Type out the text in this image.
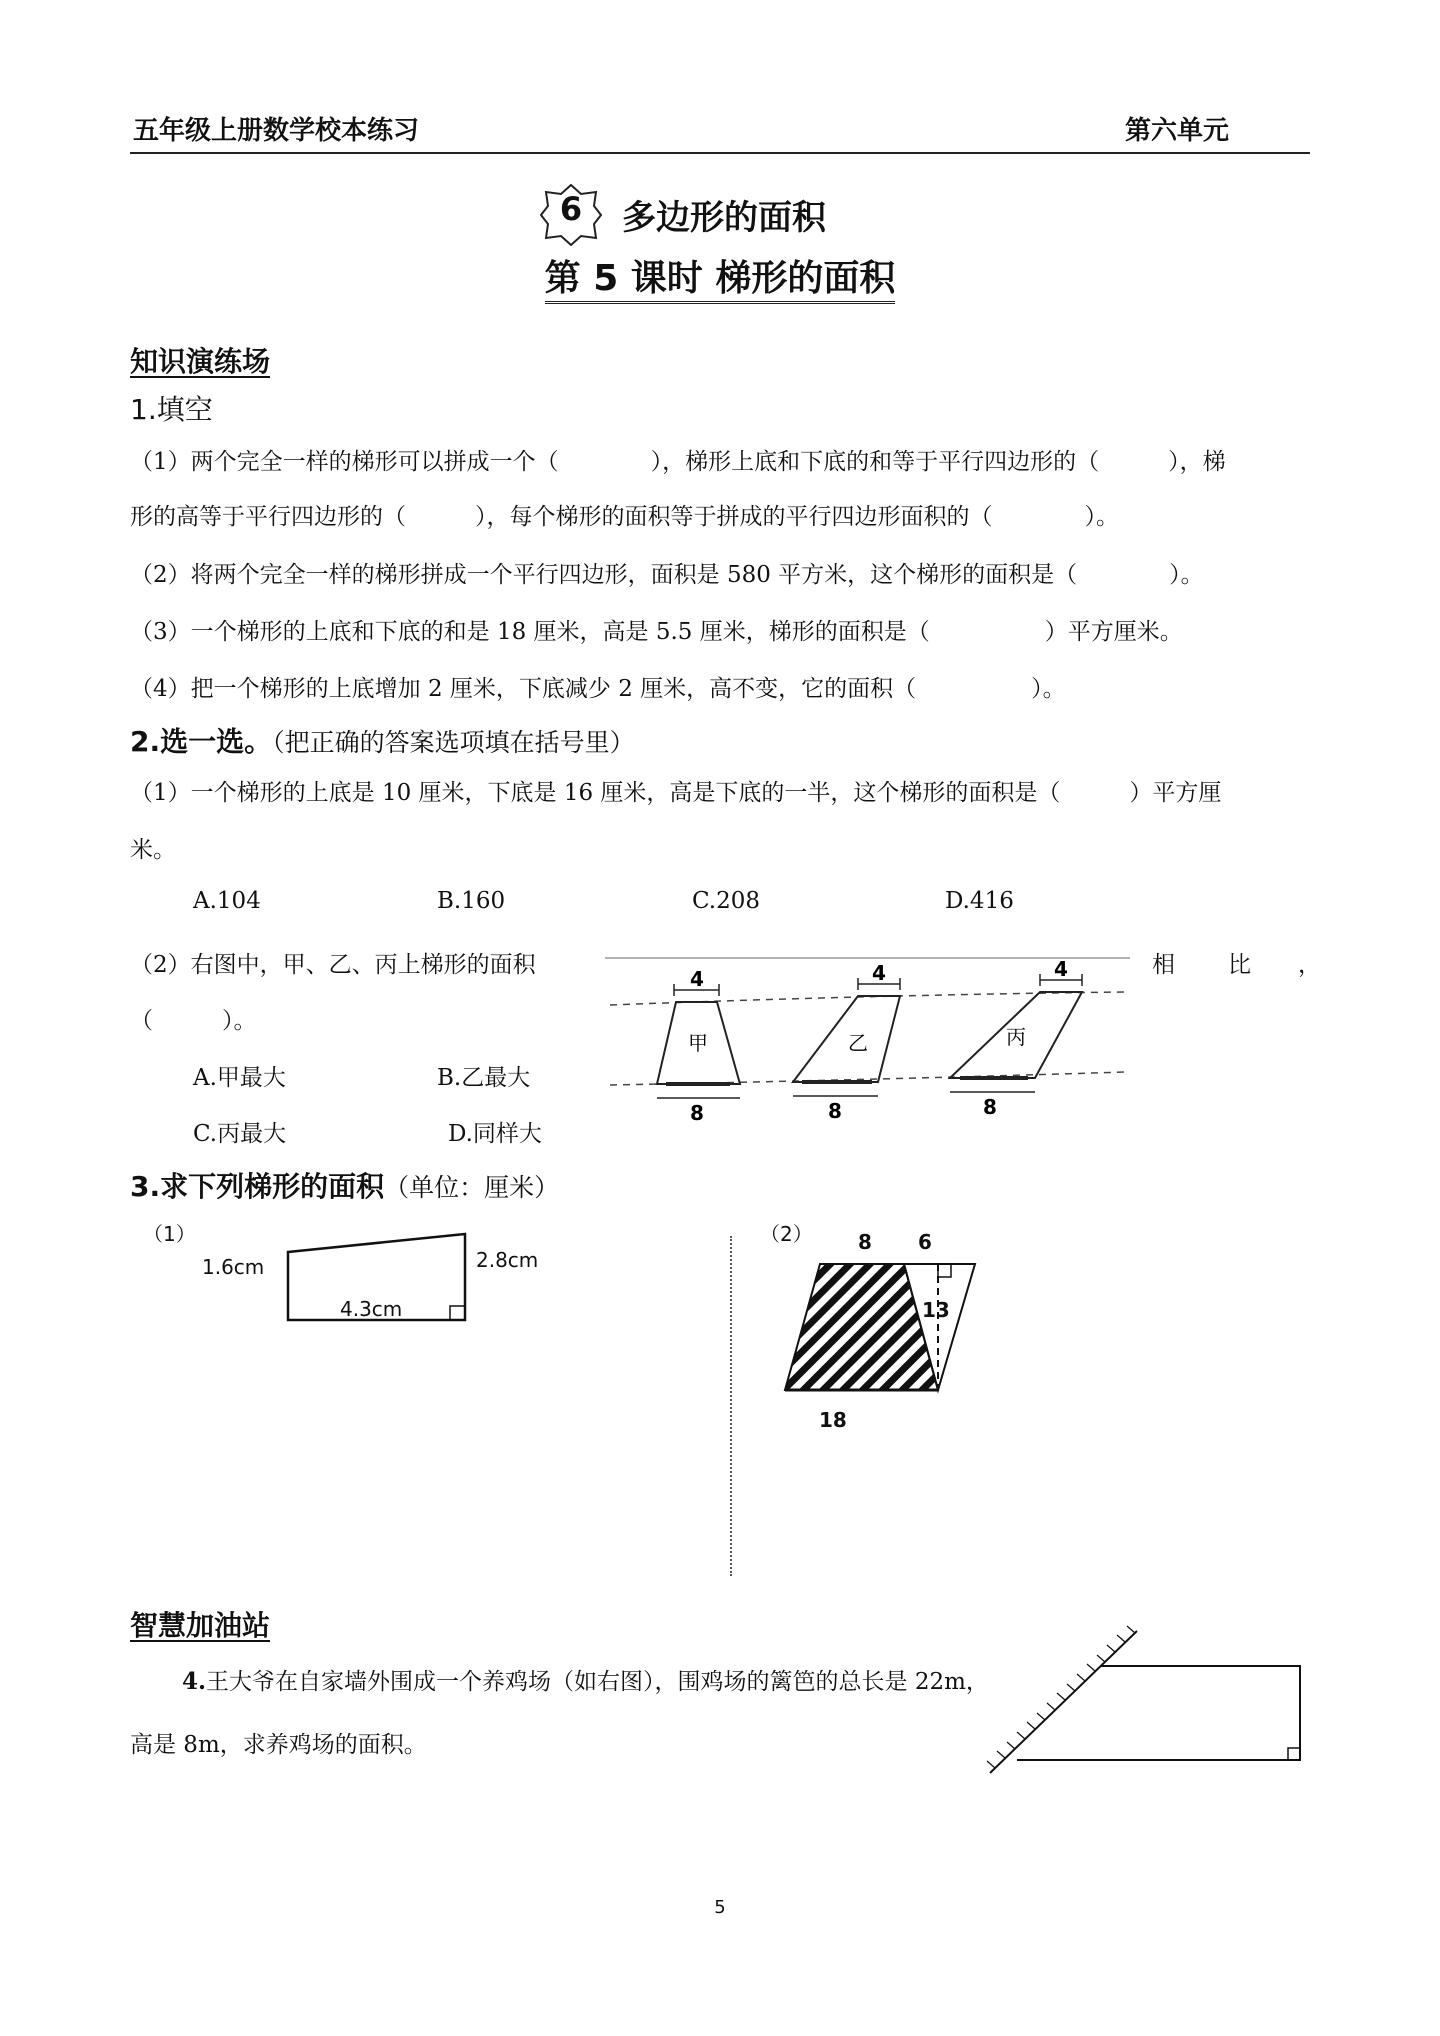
五年级上册数学校本练习	第六单元
6	多边形的面积
第 5 课时 梯形的面积
知识演练场
1.填空
（1）两个完全一样的梯形可以拼成一个（　　　　），梯形上底和下底的和等于平行四边形的（　　　），梯
形的高等于平行四边形的（　　　），每个梯形的面积等于拼成的平行四边形面积的（　　　　）。
（2）将两个完全一样的梯形拼成一个平行四边形，面积是 580 平方米，这个梯形的面积是（　　　　）。
（3）一个梯形的上底和下底的和是 18 厘米，高是 5.5 厘米，梯形的面积是（　　　　　）平方厘米。
（4）把一个梯形的上底增加 2 厘米，下底减少 2 厘米，高不变，它的面积（　　　　　）。
2.选一选。（把正确的答案选项填在括号里）
（1）一个梯形的上底是 10 厘米，下底是 16 厘米，高是下底的一半，这个梯形的面积是（　　　）平方厘
米。
A.104	B.160	C.208	D.416
（2）右图中，甲、乙、丙上梯形的面积	相 比 ，
（　　　）。
A.甲最大	B.乙最大
C.丙最大	D.同样大
4	4	4
8	8	8
甲	乙	丙
3.求下列梯形的面积（单位：厘米）
（1）
1.6cm	2.8cm
4.3cm
（2） 8 6
13
18
智慧加油站
4.王大爷在自家墙外围成一个养鸡场（如右图），围鸡场的篱笆的总长是 22m，
高是 8m，求养鸡场的面积。
5
